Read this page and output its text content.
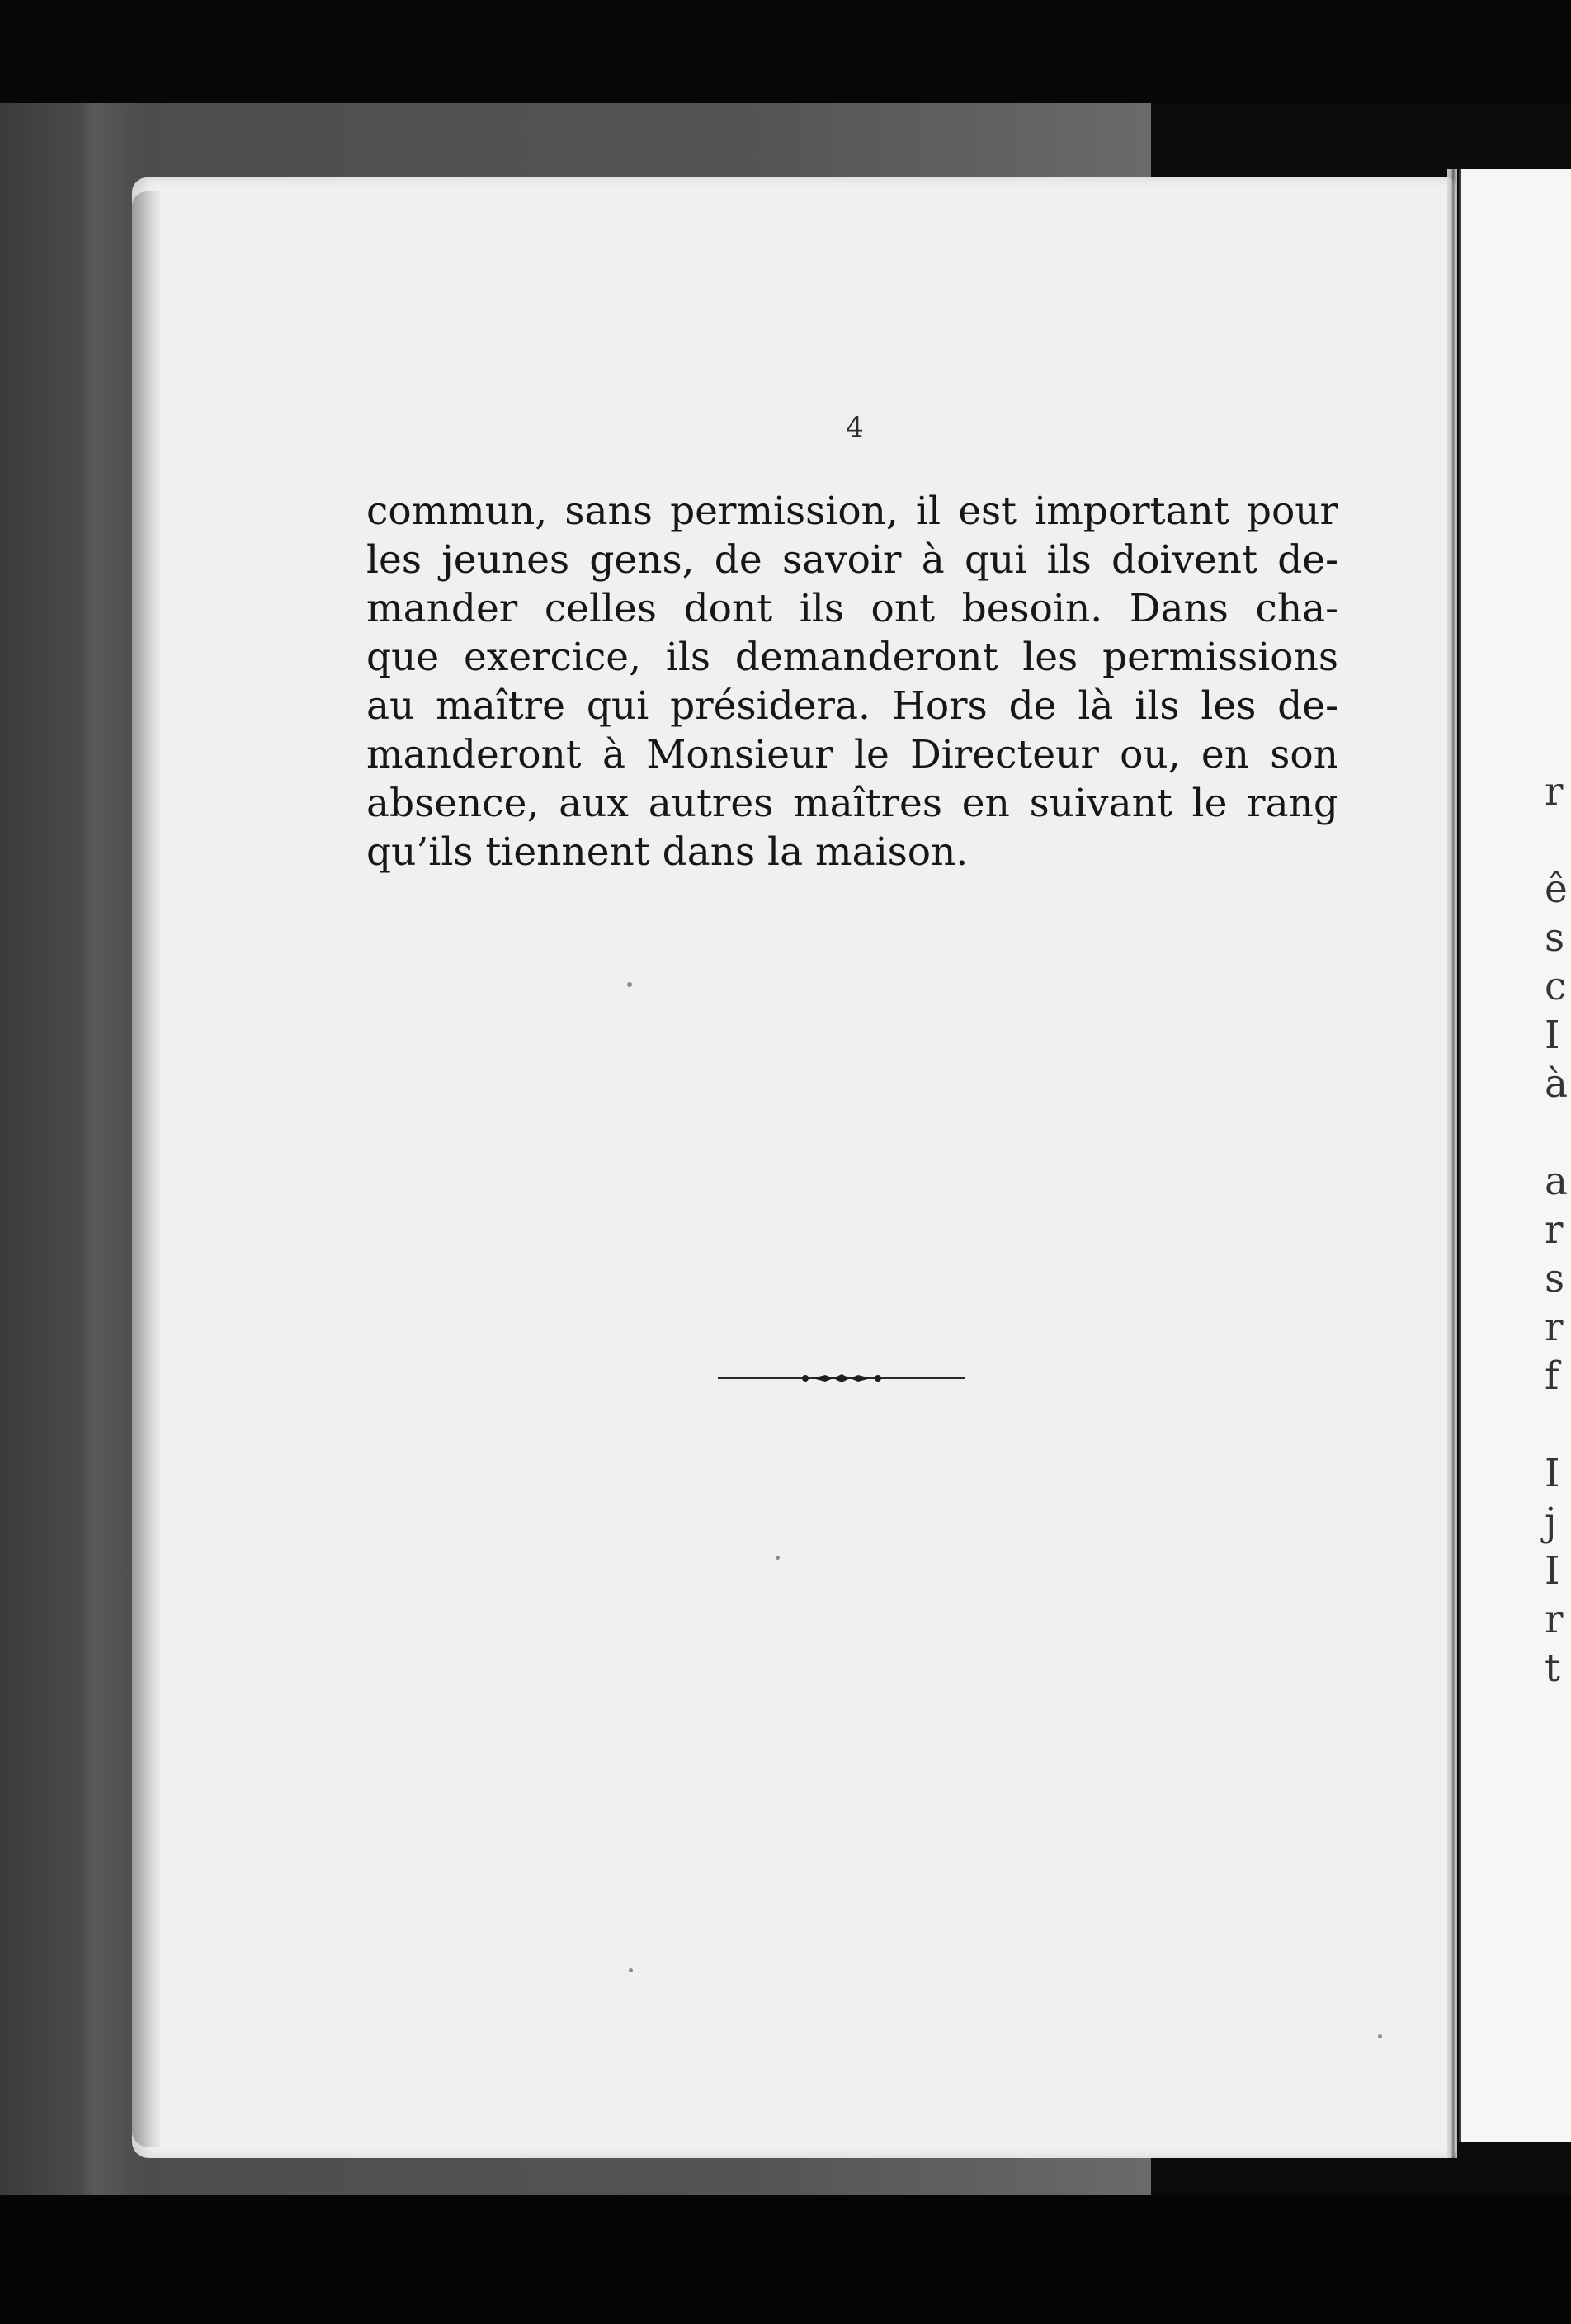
4
commun, sans permission, il est important pour
les jeunes gens, de savoir à qui ils doivent de-
mander celles dont ils ont besoin. Dans cha-
que exercice, ils demanderont les permissions
au maître qui présidera. Hors de là ils les de-
manderont à Monsieur le Directeur ou, en son
absence, aux autres maîtres en suivant le rang
qu’ils tiennent dans la maison.
r
ê
s
c
I
à
a
r
s
r
f
I
j
I
r
t
